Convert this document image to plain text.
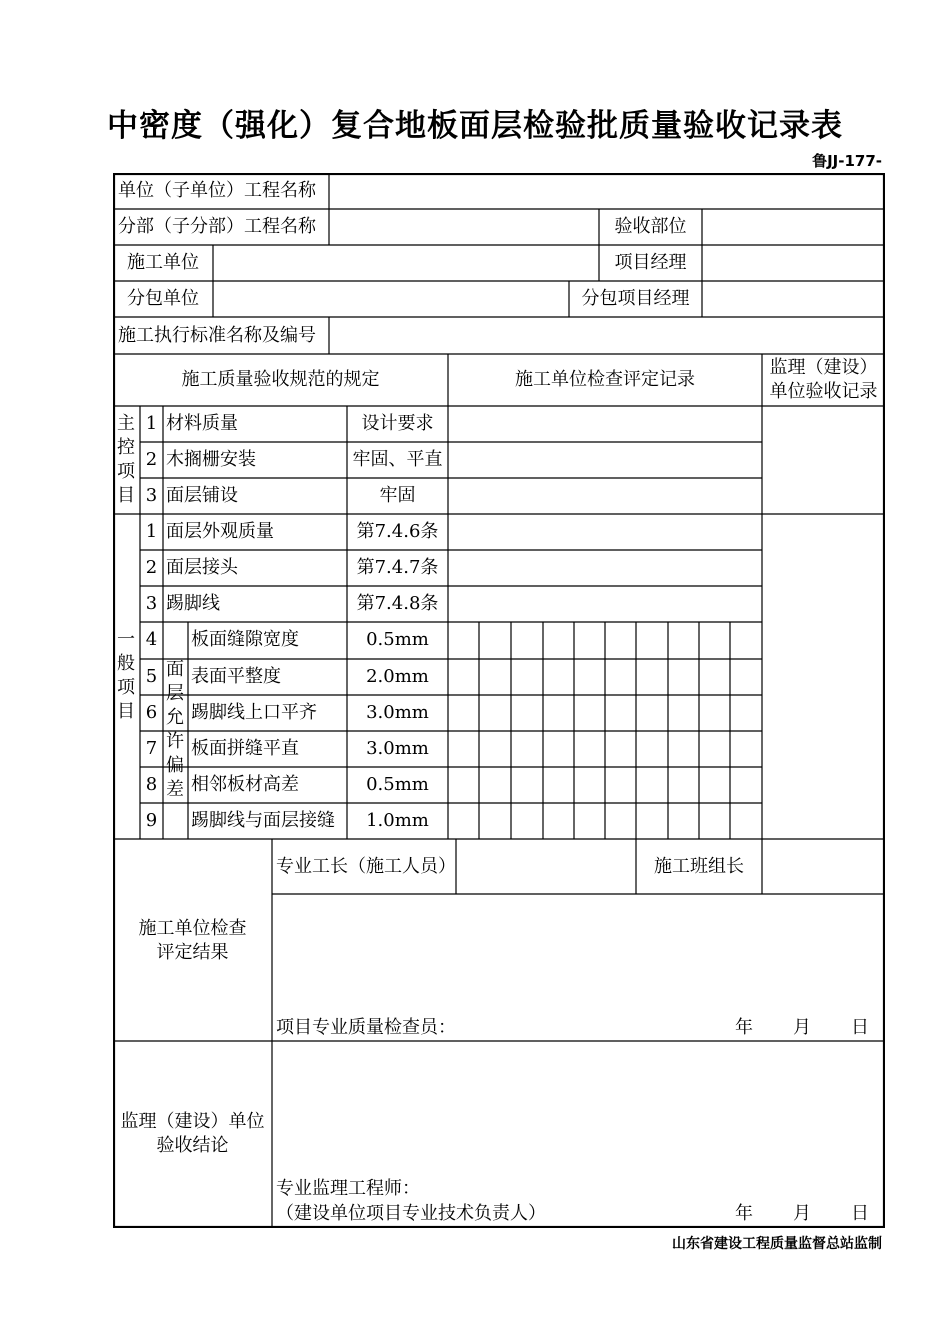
中密度（强化）复合地板面层检验批质量验收记录表
鲁JJ-177-
单位（子单位）工程名称
分部（子分部）工程名称	验收部位
施工单位	项目经理
分包单位	分包项目经理
施工执行标准名称及编号
施工质量验收规范的规定	施工单位检查评定记录
监理（建设）
单位验收记录
主控项目
一般项目
面层允许偏差
1 材料质量	设计要求
2 木搁栅安装	牢固、平直
3 面层铺设	牢固
1 面层外观质量	第7.4.6条
2 面层接头	第7.4.7条
3 踢脚线	第7.4.8条
4	板面缝隙宽度	0.5mm
5	表面平整度	2.0mm
6	踢脚线上口平齐	3.0mm
7	板面拼缝平直	3.0mm
8	相邻板材高差	0.5mm
9	踢脚线与面层接缝	1.0mm
施工单位检查
评定结果
专业工长（施工人员）	施工班组长
项目专业质量检查员：	年 月 日
监理（建设）单位
验收结论
专业监理工程师：
（建设单位项目专业技术负责人）	年 月 日
山东省建设工程质量监督总站监制
